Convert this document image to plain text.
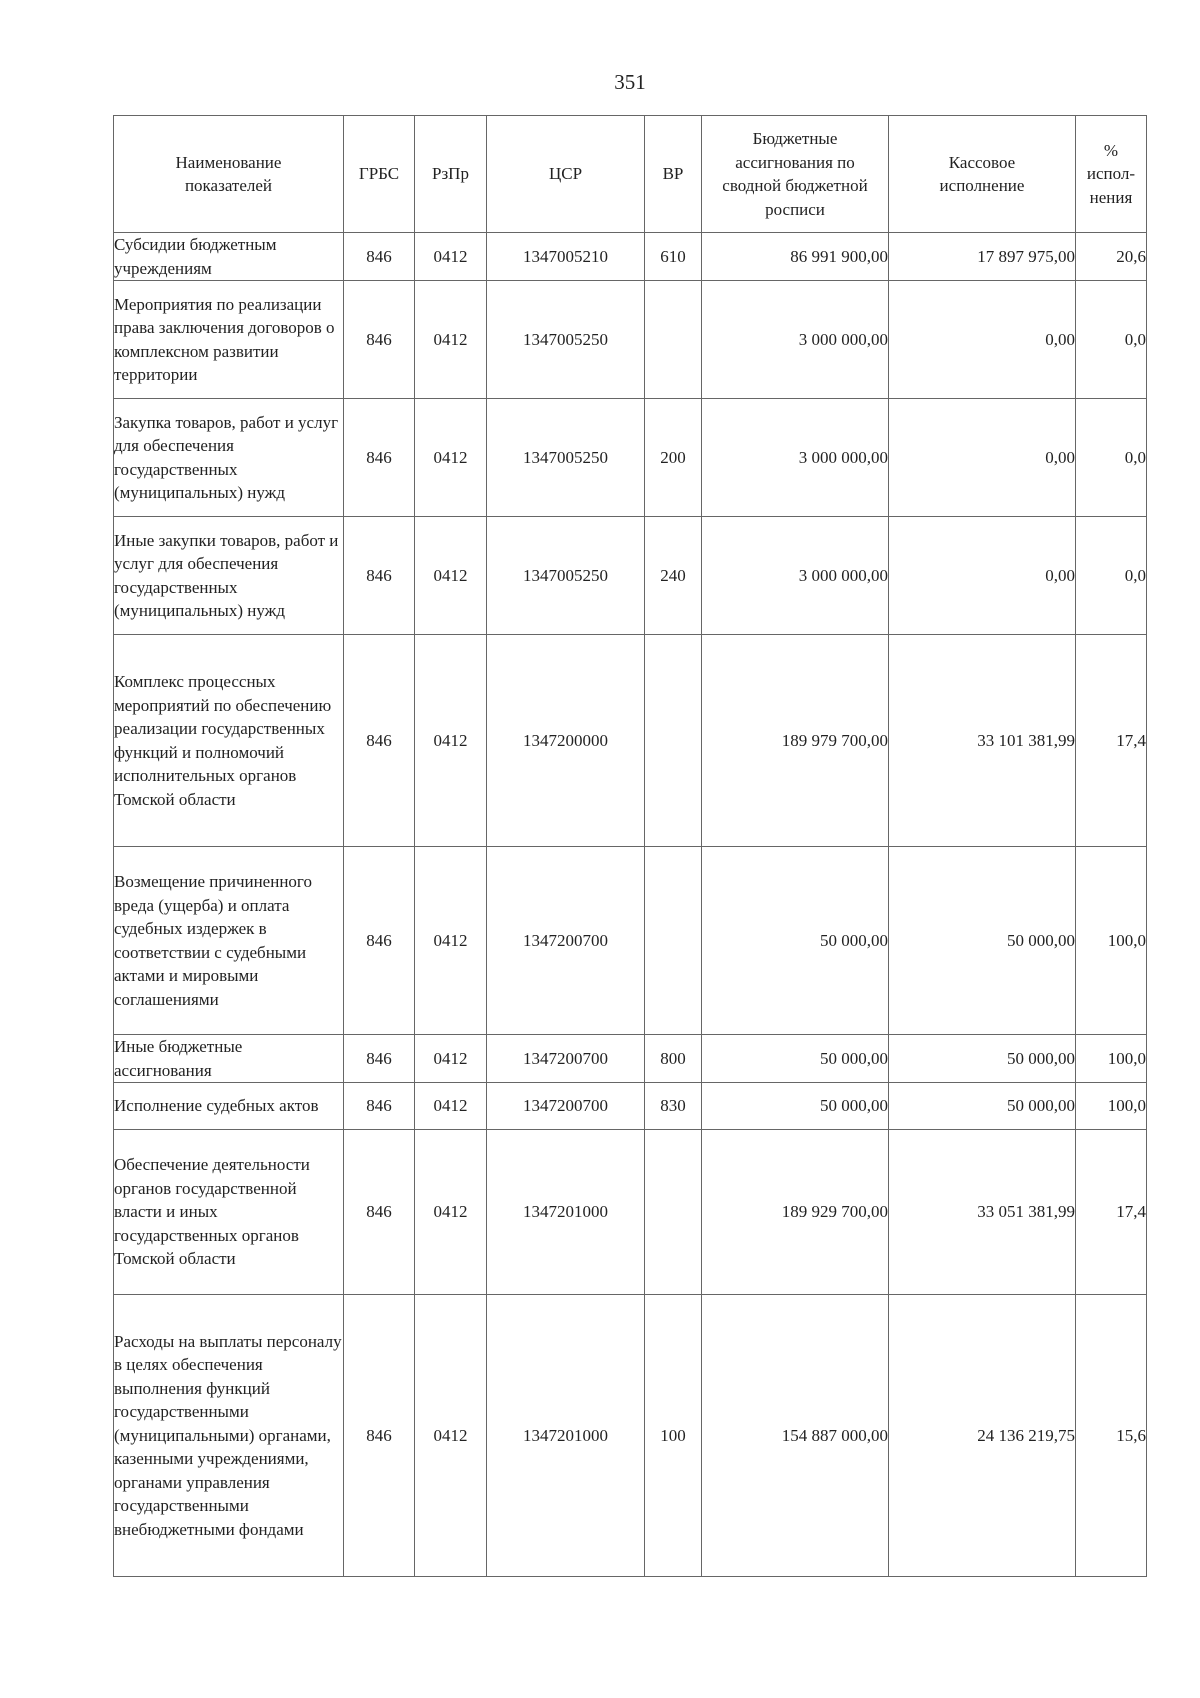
351
Наименование показателей	ГРБС	РзПр	ЦСР	ВР	Бюджетные ассигнования по сводной бюджетной росписи	Кассовое исполнение	% испол-нения
Субсидии бюджетным учреждениям	846	0412	1347005210	610	86 991 900,00	17 897 975,00	20,6
Мероприятия по реализации права заключения договоров о комплексном развитии территории	846	0412	1347005250		3 000 000,00	0,00	0,0
Закупка товаров, работ и услуг для обеспечения государственных (муниципальных) нужд	846	0412	1347005250	200	3 000 000,00	0,00	0,0
Иные закупки товаров, работ и услуг для обеспечения государственных (муниципальных) нужд	846	0412	1347005250	240	3 000 000,00	0,00	0,0
Комплекс процессных мероприятий по обеспечению реализации государственных функций и полномочий исполнительных органов Томской области	846	0412	1347200000		189 979 700,00	33 101 381,99	17,4
Возмещение причиненного вреда (ущерба) и оплата судебных издержек в соответствии с судебными актами и мировыми соглашениями	846	0412	1347200700		50 000,00	50 000,00	100,0
Иные бюджетные ассигнования	846	0412	1347200700	800	50 000,00	50 000,00	100,0
Исполнение судебных актов	846	0412	1347200700	830	50 000,00	50 000,00	100,0
Обеспечение деятельности органов государственной власти и иных государственных органов Томской области	846	0412	1347201000		189 929 700,00	33 051 381,99	17,4
Расходы на выплаты персоналу в целях обеспечения выполнения функций государственными (муниципальными) органами, казенными учреждениями, органами управления государственными внебюджетными фондами	846	0412	1347201000	100	154 887 000,00	24 136 219,75	15,6
